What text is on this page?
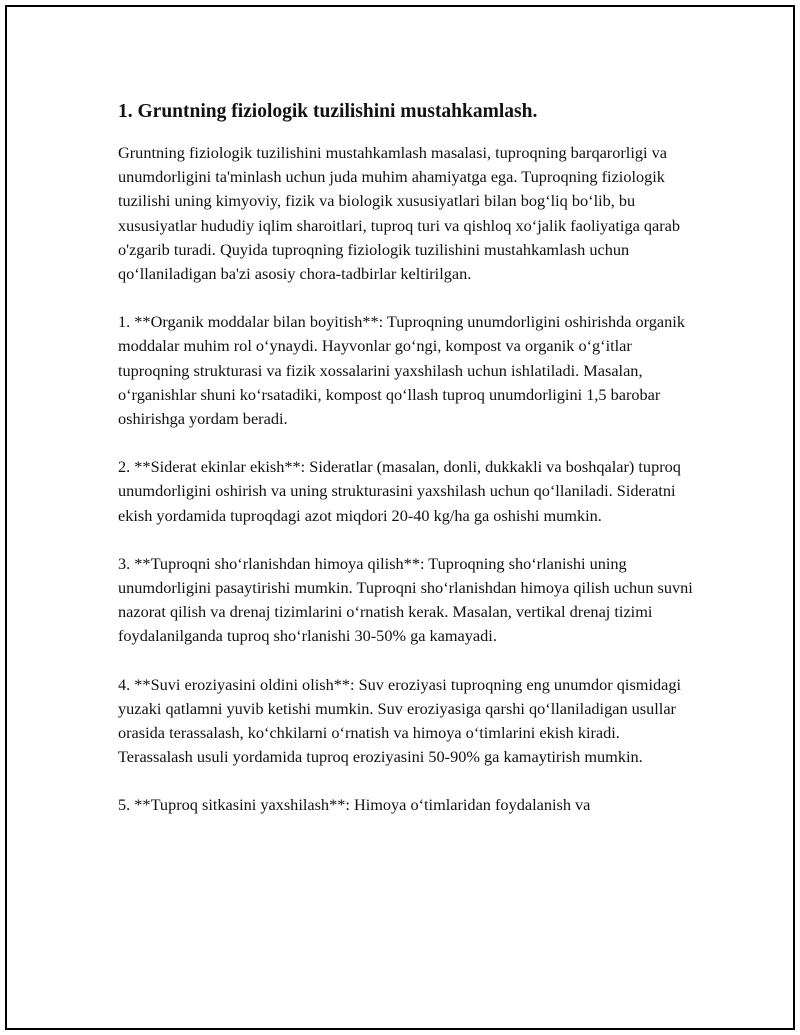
1. Gruntning fiziologik tuzilishini mustahkamlash.

Gruntning fiziologik tuzilishini mustahkamlash masalasi, tuproqning barqarorligi va unumdorligini ta'minlash uchun juda muhim ahamiyatga ega. Tuproqning fiziologik tuzilishi uning kimyoviy, fizik va biologik xususiyatlari bilan bog‘liq bo‘lib, bu xususiyatlar hududiy iqlim sharoitlari, tuproq turi va qishloq xo‘jalik faoliyatiga qarab o'zgarib turadi. Quyida tuproqning fiziologik tuzilishini mustahkamlash uchun qo‘llaniladigan ba'zi asosiy chora-tadbirlar keltirilgan.

1. **Organik moddalar bilan boyitish**: Tuproqning unumdorligini oshirishda organik moddalar muhim rol o‘ynaydi. Hayvonlar go‘ngi, kompost va organik o‘g‘itlar tuproqning strukturasi va fizik xossalarini yaxshilash uchun ishlatiladi. Masalan, o‘rganishlar shuni ko‘rsatadiki, kompost qo‘llash tuproq unumdorligini 1,5 barobar oshirishga yordam beradi.

2. **Siderat ekinlar ekish**: Sideratlar (masalan, donli, dukkakli va boshqalar) tuproq unumdorligini oshirish va uning strukturasini yaxshilash uchun qo‘llaniladi. Sideratni ekish yordamida tuproqdagi azot miqdori 20-40 kg/ha ga oshishi mumkin.

3. **Tuproqni sho‘rlanishdan himoya qilish**: Tuproqning sho‘rlanishi uning unumdorligini pasaytirishi mumkin. Tuproqni sho‘rlanishdan himoya qilish uchun suvni nazorat qilish va drenaj tizimlarini o‘rnatish kerak. Masalan, vertikal drenaj tizimi foydalanilganda tuproq sho‘rlanishi 30-50% ga kamayadi.

4. **Suvi eroziyasini oldini olish**: Suv eroziyasi tuproqning eng unumdor qismidagi yuzaki qatlamni yuvib ketishi mumkin. Suv eroziyasiga qarshi qo‘llaniladigan usullar orasida terassalash, ko‘chkilarni o‘rnatish va himoya o‘timlarini ekish kiradi. Terassalash usuli yordamida tuproq eroziyasini 50-90% ga kamaytirish mumkin.

5. **Tuproq sitkasini yaxshilash**: Himoya o‘timlaridan foydalanish va
